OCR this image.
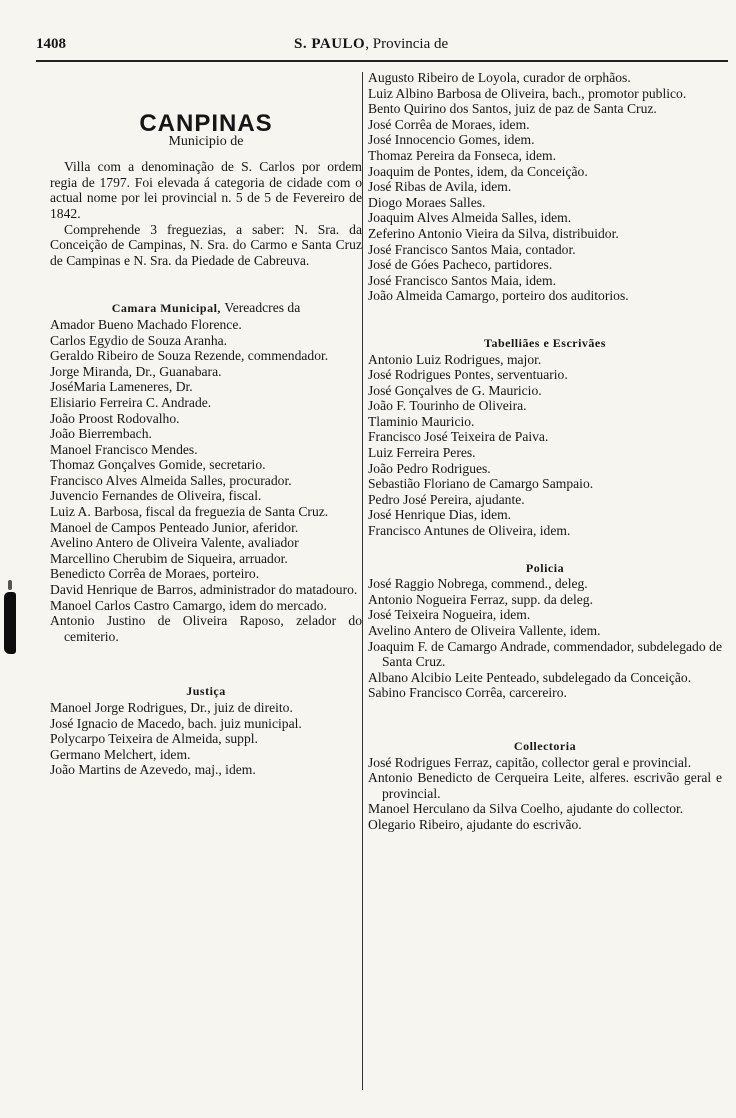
1408	S. PAULO, Provincia de

CANPINAS

Municipio de

Villa com a denominação de S. Carlos por ordem regia de 1797. Foi elevada á categoria de cidade com o actual nome por lei provincial n. 5 de 5 de Fevereiro de 1842.

Comprehende 3 freguezias, a saber: N. Sra. da Conceição de Campinas, N. Sra. do Carmo e Santa Cruz de Campinas e N. Sra. da Piedade de Cabreuva.

Camara Municipal, Vereadcres da

Amador Bueno Machado Florence.

Carlos Egydio de Souza Aranha.

Geraldo Ribeiro de Souza Rezende, commendador.

Jorge Miranda, Dr., Guanabara.

JoséMaria Lameneres, Dr.

Elisiario Ferreira C. Andrade.

João Proost Rodovalho.

João Bierrembach.

Manoel Francisco Mendes.

Thomaz Gonçalves Gomide, secretario.

Francisco Alves Almeida Salles, procurador.

Juvencio Fernandes de Oliveira, fiscal.

Luiz A. Barbosa, fiscal da freguezia de Santa Cruz.

Manoel de Campos Penteado Junior, aferidor.

Avelino Antero de Oliveira Valente, avaliador

Marcellino Cherubim de Siqueira, arruador.

Benedicto Corrêa de Moraes, porteiro.

David Henrique de Barros, administrador do matadouro.

Manoel Carlos Castro Camargo, idem do mercado.

Antonio Justino de Oliveira Raposo, zelador do cemiterio.

Justiça

Manoel Jorge Rodrigues, Dr., juiz de direito.

José Ignacio de Macedo, bach. juiz municipal.

Polycarpo Teixeira de Almeida, suppl.

Germano Melchert, idem.

João Martins de Azevedo, maj., idem.

Augusto Ribeiro de Loyola, curador de orphãos.

Luiz Albino Barbosa de Oliveira, bach., promotor publico.

Bento Quirino dos Santos, juiz de paz de Santa Cruz.

José Corrêa de Moraes, idem.

José Innocencio Gomes, idem.

Thomaz Pereira da Fonseca, idem.

Joaquim de Pontes, idem, da Conceição.

José Ribas de Avila, idem.

Diogo Moraes Salles.

Joaquim Alves Almeida Salles, idem.

Zeferino Antonio Vieira da Silva, distribuidor.

José Francisco Santos Maia, contador.

José de Góes Pacheco, partidores.

José Francisco Santos Maia, idem.

João Almeida Camargo, porteiro dos auditorios.

Tabelliães e Escrivães

Antonio Luiz Rodrigues, major.

José Rodrigues Pontes, serventuario.

José Gonçalves de G. Mauricio.

João F. Tourinho de Oliveira.

Tlaminio Mauricio.

Francisco José Teixeira de Paiva.

Luiz Ferreira Peres.

João Pedro Rodrigues.

Sebastião Floriano de Camargo Sampaio.

Pedro José Pereira, ajudante.

José Henrique Dias, idem.

Francisco Antunes de Oliveira, idem.

Policia

José Raggio Nobrega, commend., deleg.

Antonio Nogueira Ferraz, supp. da deleg.

José Teixeira Nogueira, idem.

Avelino Antero de Oliveira Vallente, idem.

Joaquim F. de Camargo Andrade, commendador, subdelegado de Santa Cruz.

Albano Alcibio Leite Penteado, subdelegado da Conceição.

Sabino Francisco Corrêa, carcereiro.

Collectoria

José Rodrigues Ferraz, capitão, collector geral e provincial.

Antonio Benedicto de Cerqueira Leite, alferes. escrivão geral e provincial.

Manoel Herculano da Silva Coelho, ajudante do collector.

Olegario Ribeiro, ajudante do escrivão.
